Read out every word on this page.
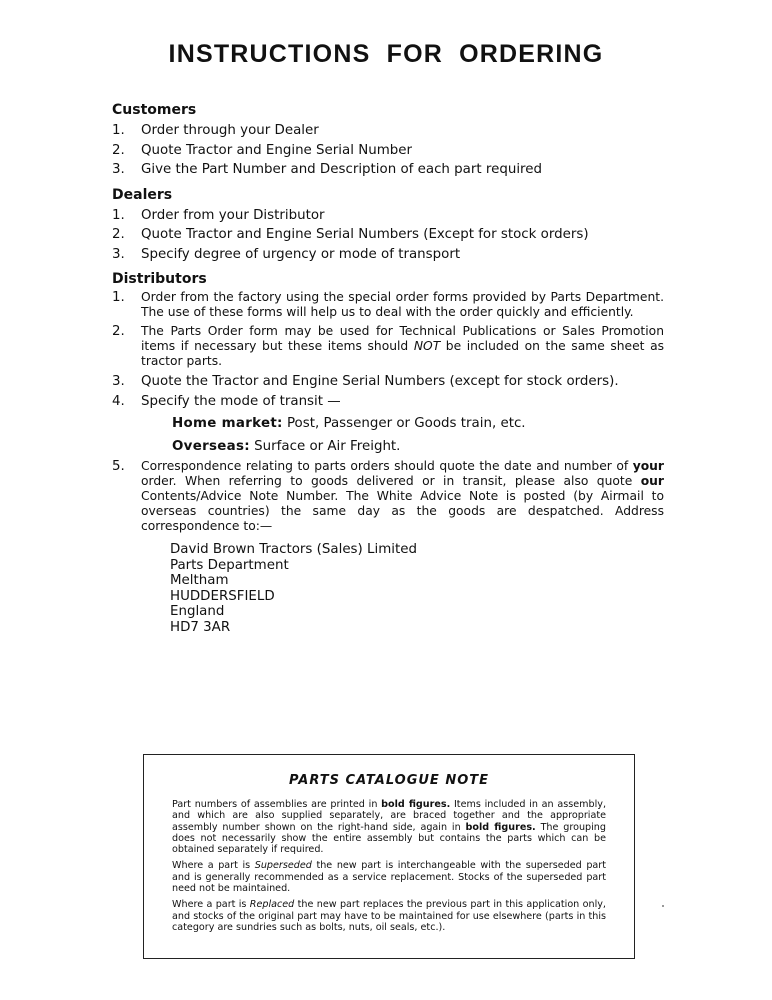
INSTRUCTIONS FOR ORDERING
Customers
1. Order through your Dealer
2. Quote Tractor and Engine Serial Number
3. Give the Part Number and Description of each part required
Dealers
1. Order from your Distributor
2. Quote Tractor and Engine Serial Numbers (Except for stock orders)
3. Specify degree of urgency or mode of transport
Distributors
1. Order from the factory using the special order forms provided by Parts Department. The use of these forms will help us to deal with the order quickly and efficiently.
2. The Parts Order form may be used for Technical Publications or Sales Promotion items if necessary but these items should NOT be included on the same sheet as tractor parts.
3. Quote the Tractor and Engine Serial Numbers (except for stock orders).
4. Specify the mode of transit —
Home market: Post, Passenger or Goods train, etc.
Overseas: Surface or Air Freight.
5. Correspondence relating to parts orders should quote the date and number of your order. When referring to goods delivered or in transit, please also quote our Contents/Advice Note Number. The White Advice Note is posted (by Airmail to overseas countries) the same day as the goods are despatched. Address correspondence to:—
David Brown Tractors (Sales) Limited
Parts Department
Meltham
HUDDERSFIELD
England
HD7 3AR
PARTS CATALOGUE NOTE
Part numbers of assemblies are printed in bold figures. Items included in an assembly, and which are also supplied separately, are braced together and the appropriate assembly number shown on the right-hand side, again in bold figures. The grouping does not necessarily show the entire assembly but contains the parts which can be obtained separately if required.
Where a part is Superseded the new part is interchangeable with the superseded part and is generally recommended as a service replacement. Stocks of the superseded part need not be maintained.
Where a part is Replaced the new part replaces the previous part in this application only, and stocks of the original part may have to be maintained for use elsewhere (parts in this category are sundries such as bolts, nuts, oil seals, etc.).
